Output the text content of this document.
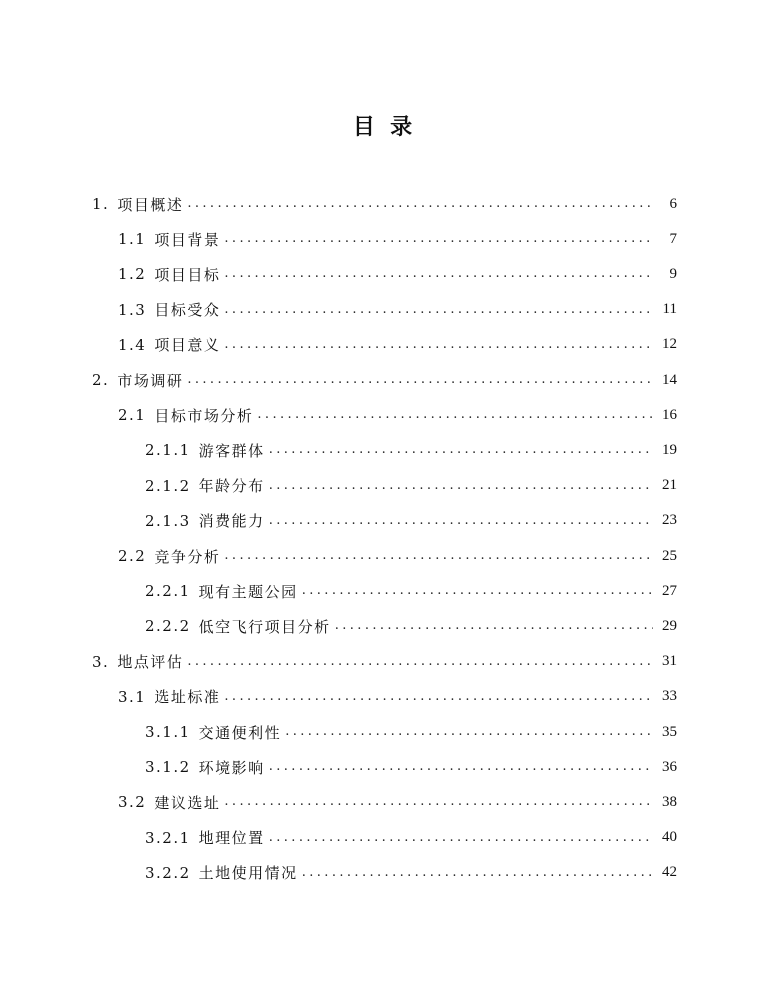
目  录
1. 项目概述 .....	6
1.1 项目背景 .....	7
1.2 项目目标 .....	9
1.3 目标受众 .....	11
1.4 项目意义 .....	12
2. 市场调研 .....	14
2.1 目标市场分析 .....	16
2.1.1 游客群体 .....	19
2.1.2 年龄分布 .....	21
2.1.3 消费能力 .....	23
2.2 竞争分析 .....	25
2.2.1 现有主题公园 .....	27
2.2.2 低空飞行项目分析 .....	29
3. 地点评估 .....	31
3.1 选址标准 .....	33
3.1.1 交通便利性 .....	35
3.1.2 环境影响 .....	36
3.2 建议选址 .....	38
3.2.1 地理位置 .....	40
3.2.2 土地使用情况 .....	42
